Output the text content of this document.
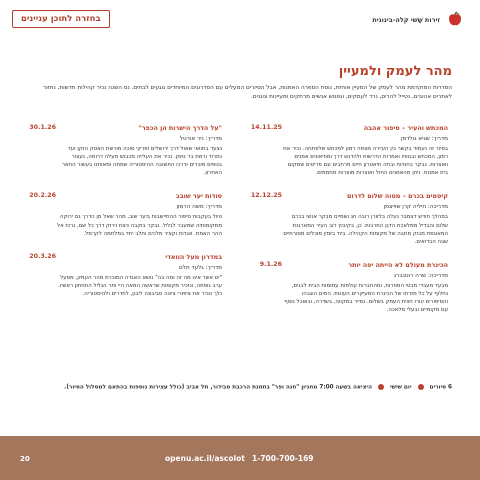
בחזרה לתוכן עניינים	זירות שָׁשׁי קלה-בינונית
מהר לעמק ולמעיין

הסדרות המוקדמת מהר לעמק של המעיין אוחזת, נוסח הספרה האמנות, אבל הסיורים המעלים עם הסדרוגים המיוחדים נוגעים לבתים. נס השנה נכיר קהילות חדשות, נחזור לאתרים אהובים, נטייל להרים, נרד לעמקים, ונפגוש אנשים מרתקים ומעיינות צוננים.

המכתש והעיר – סיפור אהבה
מדריך: שגיא גולדמן
בסיור זה נעמוד בקשר בין העיירה מצפה רמון למכתש שלפתחה. נכיר את רמון, המכתש ובנופיו ואמרות הדרשות ולהדגש דרך ומוזיאונים אמנים ואוצרות. נבקר בחנויות ובתה תיאטרון חיים מרחבים וגם פריטים שמקום בית אמנות. ניחן מהאמנים החול ואוצרות מוצרות מחממים.
14.11.25
קיסמים בכרם – מטוה שלום לדרום
מדריכה: חיליה קרן שוייצמן
במהלך חודש דצמבר נעלה בלזורן רובה חג ושמיים מבקר אנשי בכרם שלום והבדיל ממלאכת הדגן התרבות. כן, בקיבוץ רוב העיר המארגנת המאוגפת מבוק מתבה של מקומות הקהילה. ביוד בזמין מוכלים מסורתיים שבה הבדואים.
12.12.25
הכינרת מעולם לא הייתה יפה יותר
מדריכה: שרה רוטנברג
מבעד מעבדי מבטי המוזרות, ומהחברות עולמות עמומות הבית לבנים, נחלוף על כל מזרחו של הכינרת המעיקרים העונות. המים הוגבהו והסיפורים יגורו חווית העמק בשלום. נסייר במקווה, בשדרה, ובאוכל נוסף עם מקומיים ובעלי מלאכה.
9.1.26
"על הדרך הישרות הן הכפר"
מדריך: ניר אורטל
נצעד בתוואי שאול דרך ירושלים ופרקי סוכה מורשת האטק הזקן ועד נמרוד ורמת בר נוימן. נכיר את העלייה מכבוש מעלה דרומה, נעצור בנופים מוכרים ודרכו התשובה ההיסטוריה שמתה ומאותנו בעשור התאר האחרון.
30.1.26
סודות יער שובב
מדריך: משה הרמון
טיול בעקבות סיפור ההתיישבות ביער שוב, מהר שאל מן הדרך גם ירוקה ממקומותיה שמעבר לגליל. נבקר בוקבה ניצח וירוק דרך כל שם, נרכז אל ההר האמת. אגדות וקציר מלכים וחלב יחד במלחמה לקרמל.
20.2.26
במדרון מעל הוואדי
מדריך: גלעד תלם
"ים אשר אינו מה זה ומה בה" נושא האגדה המוכרת מהר העמק, מפעל ערב גופתה, ונזכיר מקומות שראשה המאה היי ותר הגליל התחתון ראשיו. נלך ונכיר את ציפורי ציונה סביבונה ליבון, לחדרים ולהיסטוריה.
20.3.26
6 סיורים  יום שישי  היציאה בשעה 7:00 מחניון "חנה ופר" בתחנת הרכבת סבידור, תל אביב (כולל עצירות נוספות בהתאם למסלול הסיור).
20	1-700-700-169
openu.ac.il/ascolot
